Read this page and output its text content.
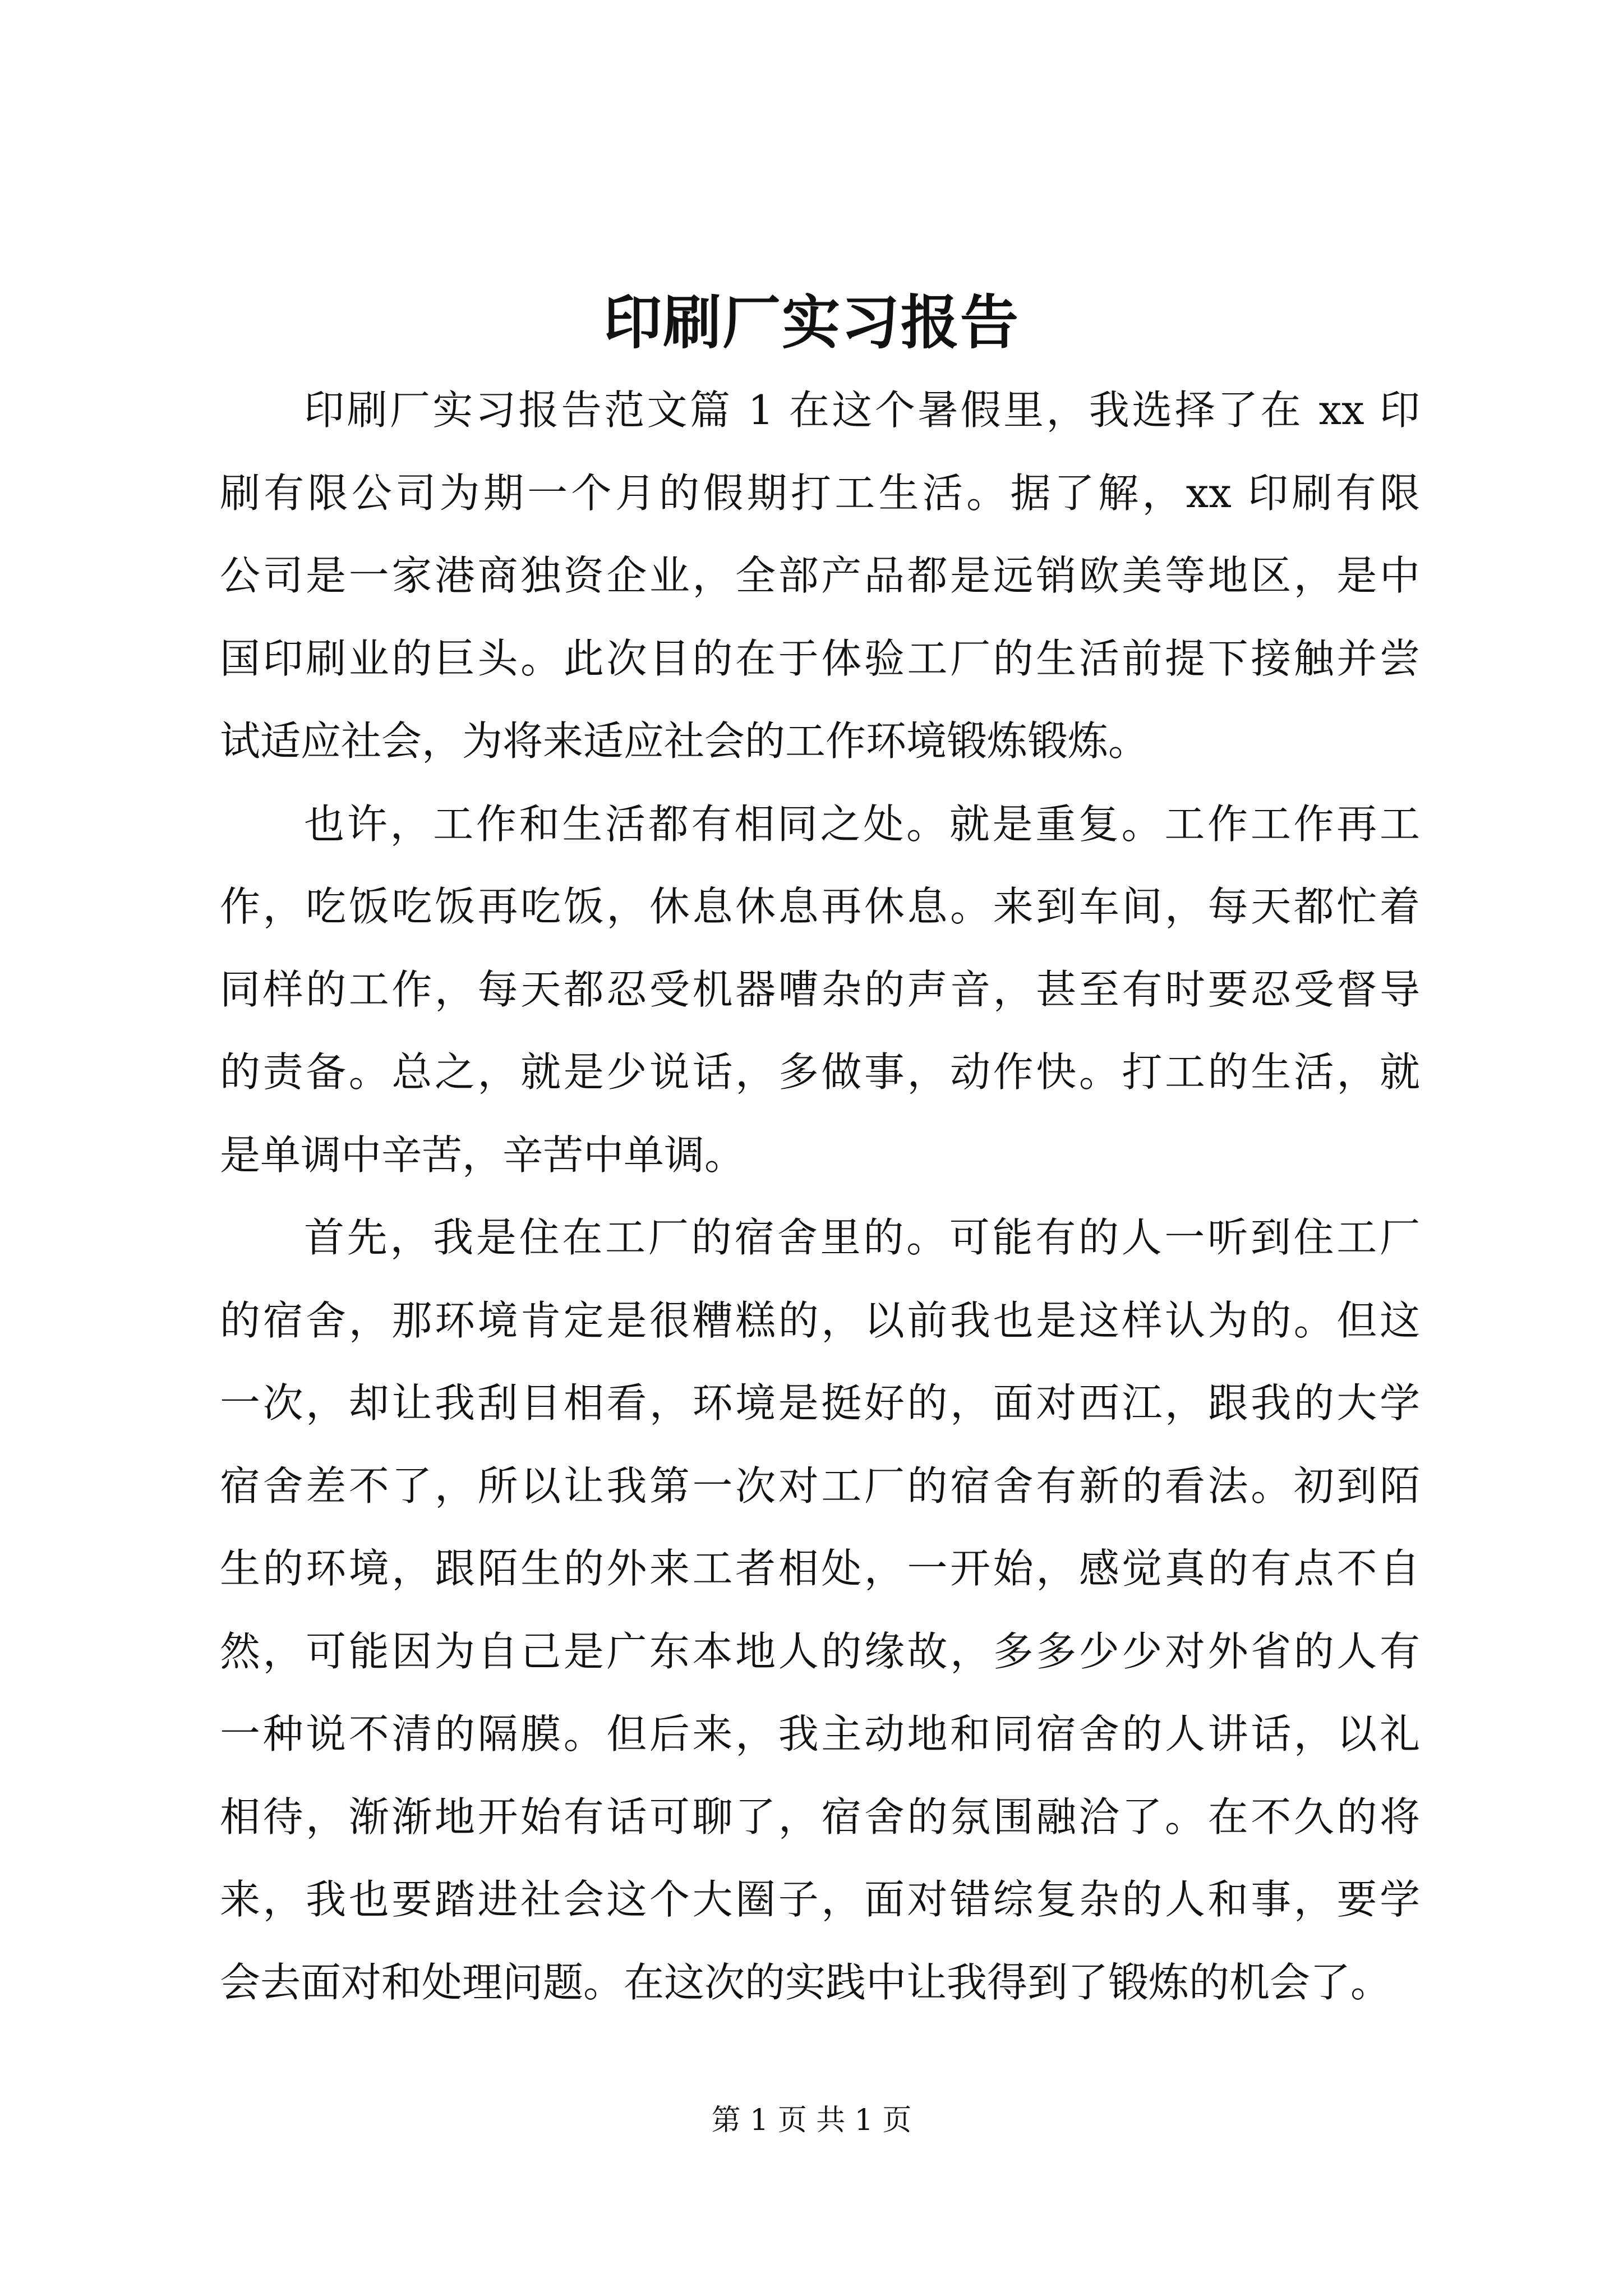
印刷厂实习报告
印刷厂实习报告范文篇 1 在这个暑假里，我选择了在 xx 印
刷有限公司为期一个月的假期打工生活。据了解，xx 印刷有限
公司是一家港商独资企业，全部产品都是远销欧美等地区，是中
国印刷业的巨头。此次目的在于体验工厂的生活前提下接触并尝
试适应社会，为将来适应社会的工作环境锻炼锻炼。
也许，工作和生活都有相同之处。就是重复。工作工作再工
作，吃饭吃饭再吃饭，休息休息再休息。来到车间，每天都忙着
同样的工作，每天都忍受机器嘈杂的声音，甚至有时要忍受督导
的责备。总之，就是少说话，多做事，动作快。打工的生活，就
是单调中辛苦，辛苦中单调。
首先，我是住在工厂的宿舍里的。可能有的人一听到住工厂
的宿舍，那环境肯定是很糟糕的，以前我也是这样认为的。但这
一次，却让我刮目相看，环境是挺好的，面对西江，跟我的大学
宿舍差不了，所以让我第一次对工厂的宿舍有新的看法。初到陌
生的环境，跟陌生的外来工者相处，一开始，感觉真的有点不自
然，可能因为自己是广东本地人的缘故，多多少少对外省的人有
一种说不清的隔膜。但后来，我主动地和同宿舍的人讲话，以礼
相待，渐渐地开始有话可聊了，宿舍的氛围融洽了。在不久的将
来，我也要踏进社会这个大圈子，面对错综复杂的人和事，要学
会去面对和处理问题。在这次的实践中让我得到了锻炼的机会了。
第 1 页 共 1 页
